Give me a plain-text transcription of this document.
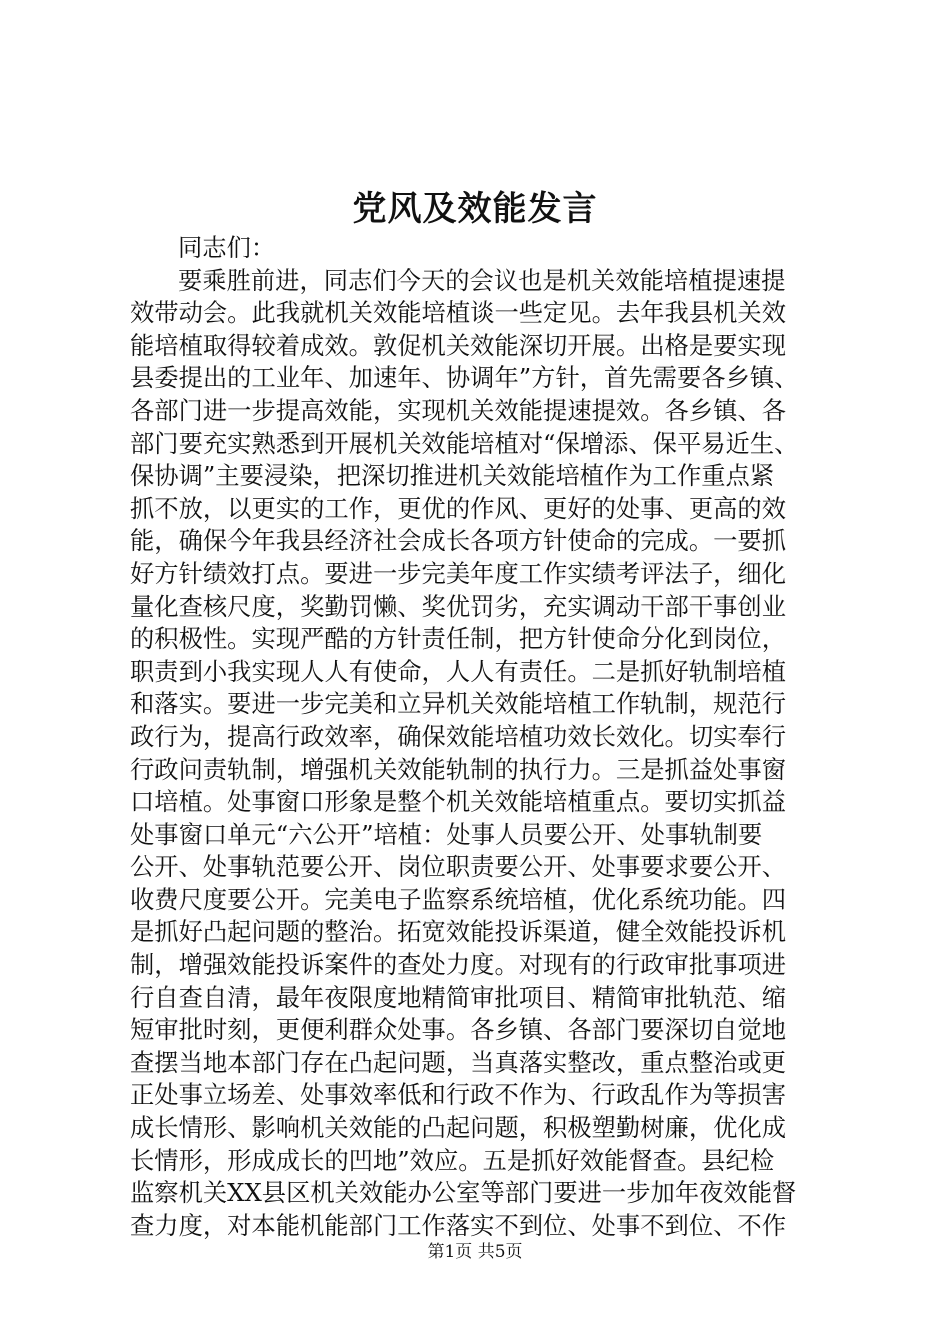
党风及效能发言
同志们：
要乘胜前进，同志们今天的会议也是机关效能培植提速提
效带动会。此我就机关效能培植谈一些定见。去年我县机关效
能培植取得较着成效。敦促机关效能深切开展。出格是要实现
县委提出的工业年、加速年、协调年”方针，首先需要各乡镇、
各部门进一步提高效能，实现机关效能提速提效。各乡镇、各
部门要充实熟悉到开展机关效能培植对“保增添、保平易近生、
保协调”主要浸染，把深切推进机关效能培植作为工作重点紧
抓不放，以更实的工作，更优的作风、更好的处事、更高的效
能，确保今年我县经济社会成长各项方针使命的完成。一要抓
好方针绩效打点。要进一步完美年度工作实绩考评法子，细化
量化查核尺度，奖勤罚懒、奖优罚劣，充实调动干部干事创业
的积极性。实现严酷的方针责任制，把方针使命分化到岗位，
职责到小我实现人人有使命，人人有责任。二是抓好轨制培植
和落实。要进一步完美和立异机关效能培植工作轨制，规范行
政行为，提高行政效率，确保效能培植功效长效化。切实奉行
行政问责轨制，增强机关效能轨制的执行力。三是抓益处事窗
口培植。处事窗口形象是整个机关效能培植重点。要切实抓益
处事窗口单元“六公开”培植：处事人员要公开、处事轨制要
公开、处事轨范要公开、岗位职责要公开、处事要求要公开、
收费尺度要公开。完美电子监察系统培植，优化系统功能。四
是抓好凸起问题的整治。拓宽效能投诉渠道，健全效能投诉机
制，增强效能投诉案件的查处力度。对现有的行政审批事项进
行自查自清，最年夜限度地精简审批项目、精简审批轨范、缩
短审批时刻，更便利群众处事。各乡镇、各部门要深切自觉地
查摆当地本部门存在凸起问题，当真落实整改，重点整治或更
正处事立场差、处事效率低和行政不作为、行政乱作为等损害
成长情形、影响机关效能的凸起问题，积极塑勤树廉，优化成
长情形，形成成长的凹地”效应。五是抓好效能督查。县纪检
监察机关XX县区机关效能办公室等部门要进一步加年夜效能督
查力度，对本能机能部门工作落实不到位、处事不到位、不作
第1页 共5页
